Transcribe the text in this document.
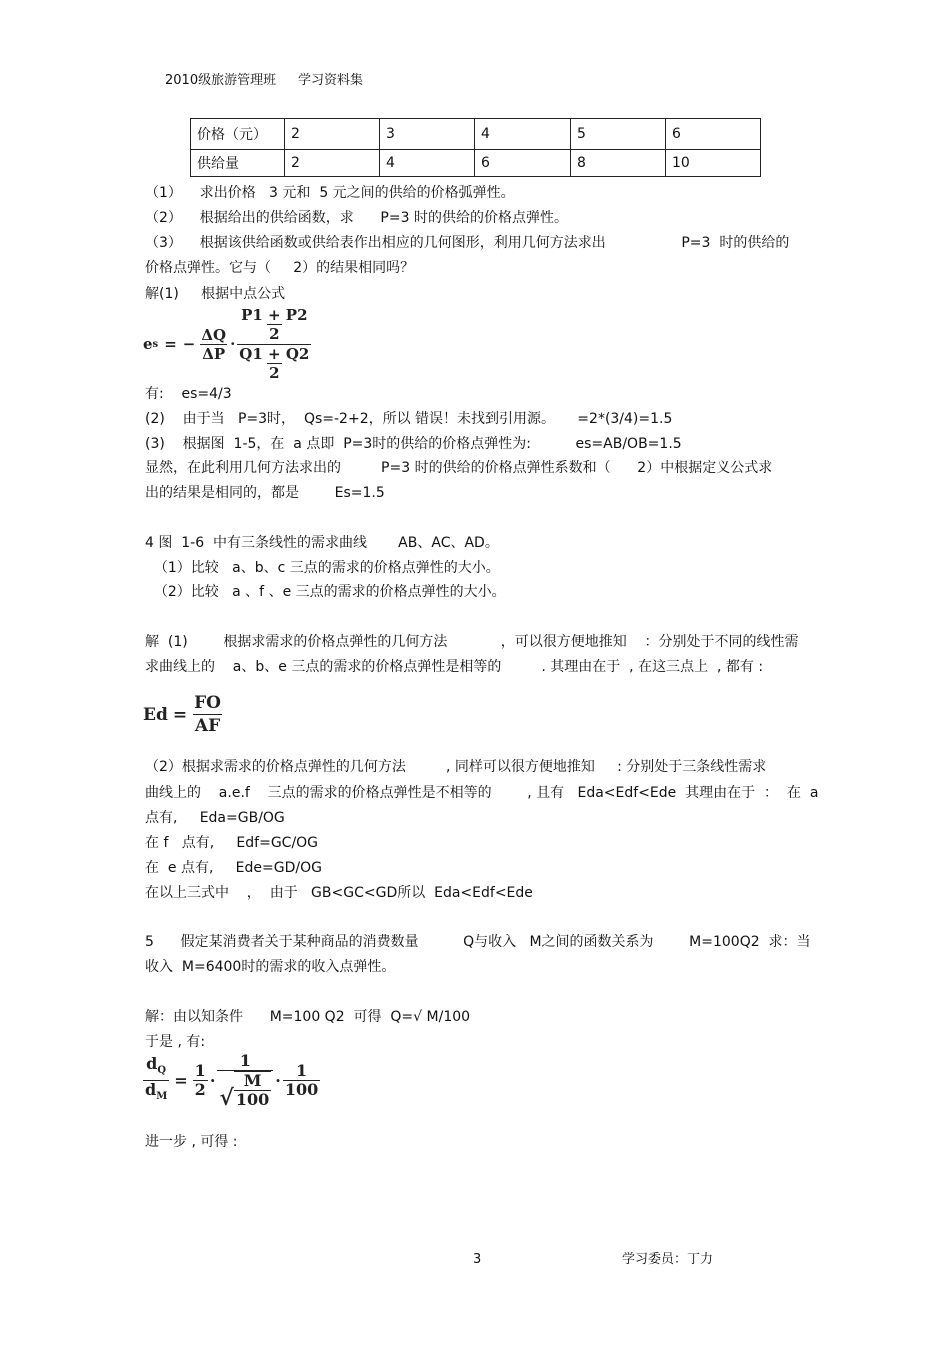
2010级旅游管理班 学习资料集
价格（元）	2	3	4	5	6
供给量	2	4	6	8	10
（1）    求出价格   3 元和  5 元之间的供给的价格弧弹性。
（2）    根据给出的供给函数，求      P=3 时的供给的价格点弹性。
（3）    根据该供给函数或供给表作出相应的几何图形，利用几何方法求出                 P=3  时的供给的
价格点弹性。它与（     2）的结果相同吗？
解(1)     根据中点公式
e s = − $\frac{\Delta Q}{\Delta P} \cdot \frac{\frac{P1 + P2}{2}}{\frac{Q1 + Q2}{2}}$
有:    es=4/3
(2)    由于当   P=3时，  Qs=-2+2，所以 错误！未找到引用源。     =2*(3/4)=1.5
(3)    根据图  1-5，在  a 点即  P=3时的供给的价格点弹性为:          es=AB/OB=1.5
显然，在此利用几何方法求出的         P=3 时的供给的价格点弹性系数和（      2）中根据定义公式求
出的结果是相同的，都是        Es=1.5
4 图  1-6  中有三条线性的需求曲线       AB、AC、AD。
（1）比较   a、b、c 三点的需求的价格点弹性的大小。
（2）比较   a 、f 、e 三点的需求的价格点弹性的大小。
解  (1)        根据求需求的价格点弹性的几何方法            ，可以很方便地推知    ：分别处于不同的线性需
求曲线上的    a、b、e 三点的需求的价格点弹性是相等的         . 其理由在于  , 在这三点上  , 都有 :
$Ed = \frac{FO}{AF}$
（2）根据求需求的价格点弹性的几何方法         , 同样可以很方便地推知     : 分别处于三条线性需求
曲线上的    a.e.f    三点的需求的价格点弹性是不相等的        , 且有   Eda<Edf<Ede  其理由在于  ：  在  a
点有,     Eda=GB/OG
在 f   点有,     Edf=GC/OG
在  e 点有,     Ede=GD/OG
在以上三式中    ，  由于   GB<GC<GD所以  Eda<Edf<Ede
5      假定某消费者关于某种商品的消费数量          Q与收入   M之间的函数关系为        M=100Q2  求：当
收入  M=6400时的需求的收入点弹性。
解：由以知条件      M=100 Q2  可得  Q=√ M/100
于是 , 有:
$\frac{d_Q}{d_M} = \frac{1}{2} \cdot \frac{1}{√ \frac{M}{100}} \cdot \frac{1}{100}$
进一步 , 可得 :
3	学习委员：丁力
